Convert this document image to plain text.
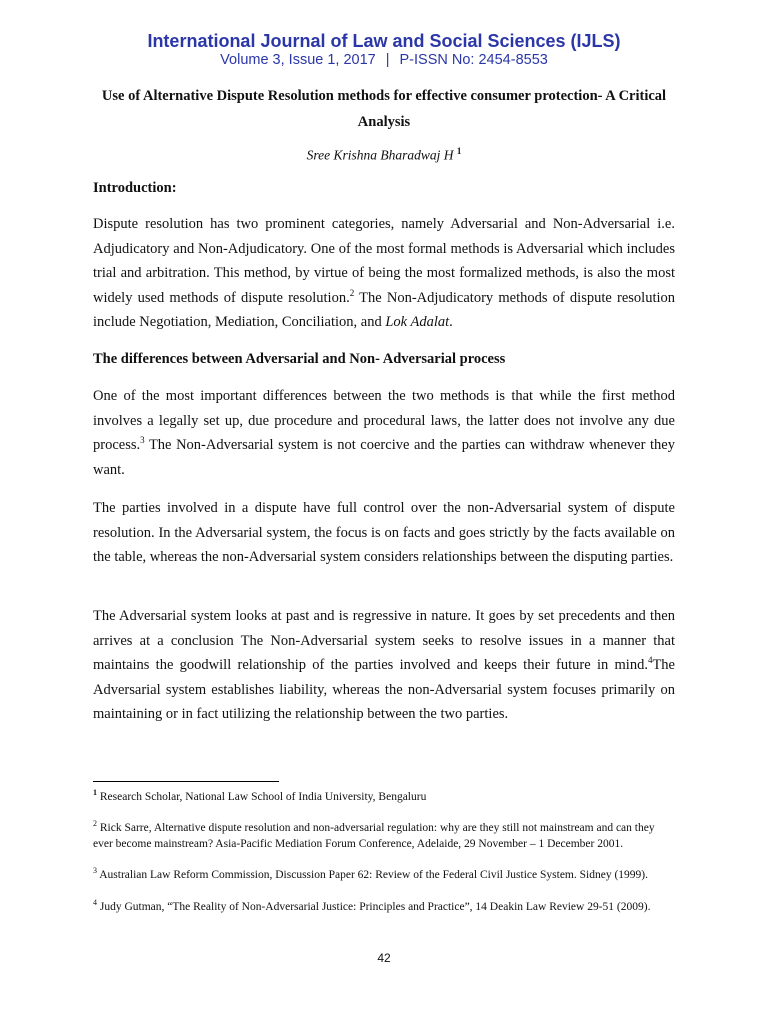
International Journal of Law and Social Sciences (IJLS)

Volume 3, Issue 1, 2017 | P-ISSN No: 2454-8553

Use of Alternative Dispute Resolution methods for effective consumer protection- A Critical Analysis

Sree Krishna Bharadwaj H $^1$

Introduction:

Dispute resolution has two prominent categories, namely Adversarial and Non-Adversarial i.e. Adjudicatory and Non-Adjudicatory. One of the most formal methods is Adversarial which includes trial and arbitration. This method, by virtue of being the most formalized methods, is also the most widely used methods of dispute resolution.$^2$ The Non-Adjudicatory methods of dispute resolution include Negotiation, Mediation, Conciliation, and Lok Adalat.

The differences between Adversarial and Non- Adversarial process

One of the most important differences between the two methods is that while the first method involves a legally set up, due procedure and procedural laws, the latter does not involve any due process.$^3$ The Non-Adversarial system is not coercive and the parties can withdraw whenever they want.

The parties involved in a dispute have full control over the non-Adversarial system of dispute resolution. In the Adversarial system, the focus is on facts and goes strictly by the facts available on the table, whereas the non-Adversarial system considers relationships between the disputing parties.

The Adversarial system looks at past and is regressive in nature. It goes by set precedents and then arrives at a conclusion The Non-Adversarial system seeks to resolve issues in a manner that maintains the goodwill relationship of the parties involved and keeps their future in mind.$^4$The Adversarial system establishes liability, whereas the non-Adversarial system focuses primarily on maintaining or in fact utilizing the relationship between the two parties.

$^1$ Research Scholar, National Law School of India University, Bengaluru

$^2$ Rick Sarre, Alternative dispute resolution and non-adversarial regulation: why are they still not mainstream and can they ever become mainstream? Asia-Pacific Mediation Forum Conference, Adelaide, 29 November – 1 December 2001.

$^3$ Australian Law Reform Commission, Discussion Paper 62: Review of the Federal Civil Justice System. Sidney (1999).

$^4$ Judy Gutman, “The Reality of Non-Adversarial Justice: Principles and Practice”, 14 Deakin Law Review 29-51 (2009).

42
